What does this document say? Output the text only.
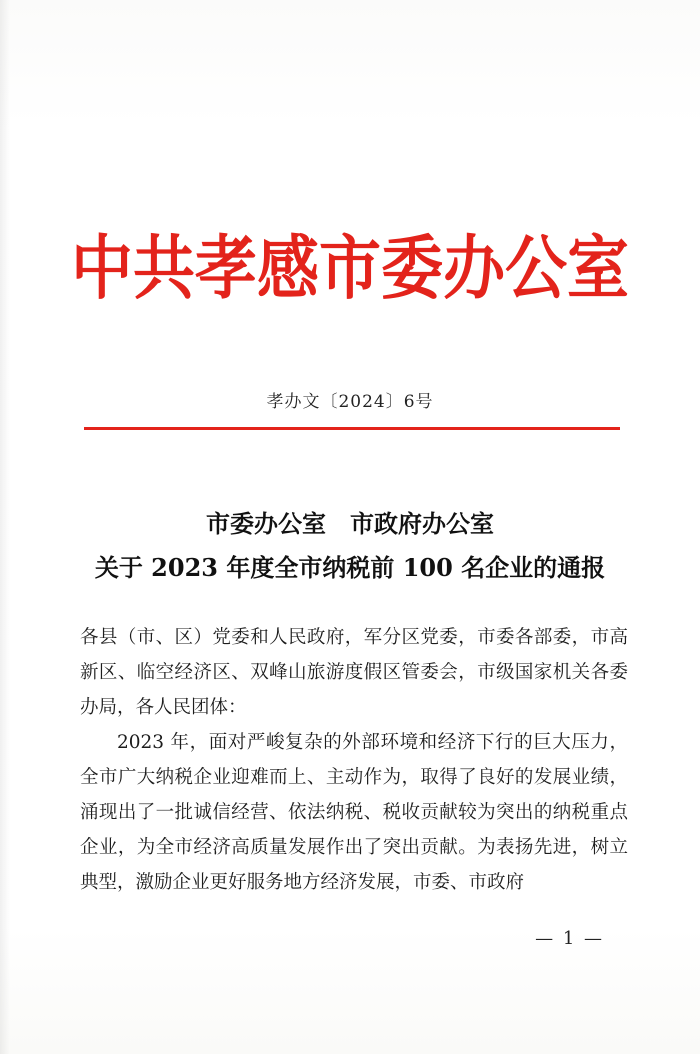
中共孝感市委办公室
孝办文〔2024〕6号
市委办公室　市政府办公室
关于 2023 年度全市纳税前 100 名企业的通报

各县（市、区）党委和人民政府，军分区党委，市委各部委，市高新区、临空经济区、双峰山旅游度假区管委会，市级国家机关各委办局，各人民团体：

2023 年，面对严峻复杂的外部环境和经济下行的巨大压力，全市广大纳税企业迎难而上、主动作为，取得了良好的发展业绩，涌现出了一批诚信经营、依法纳税、税收贡献较为突出的纳税重点企业，为全市经济高质量发展作出了突出贡献。为表扬先进，树立典型，激励企业更好服务地方经济发展，市委、市政府

— 1 —
